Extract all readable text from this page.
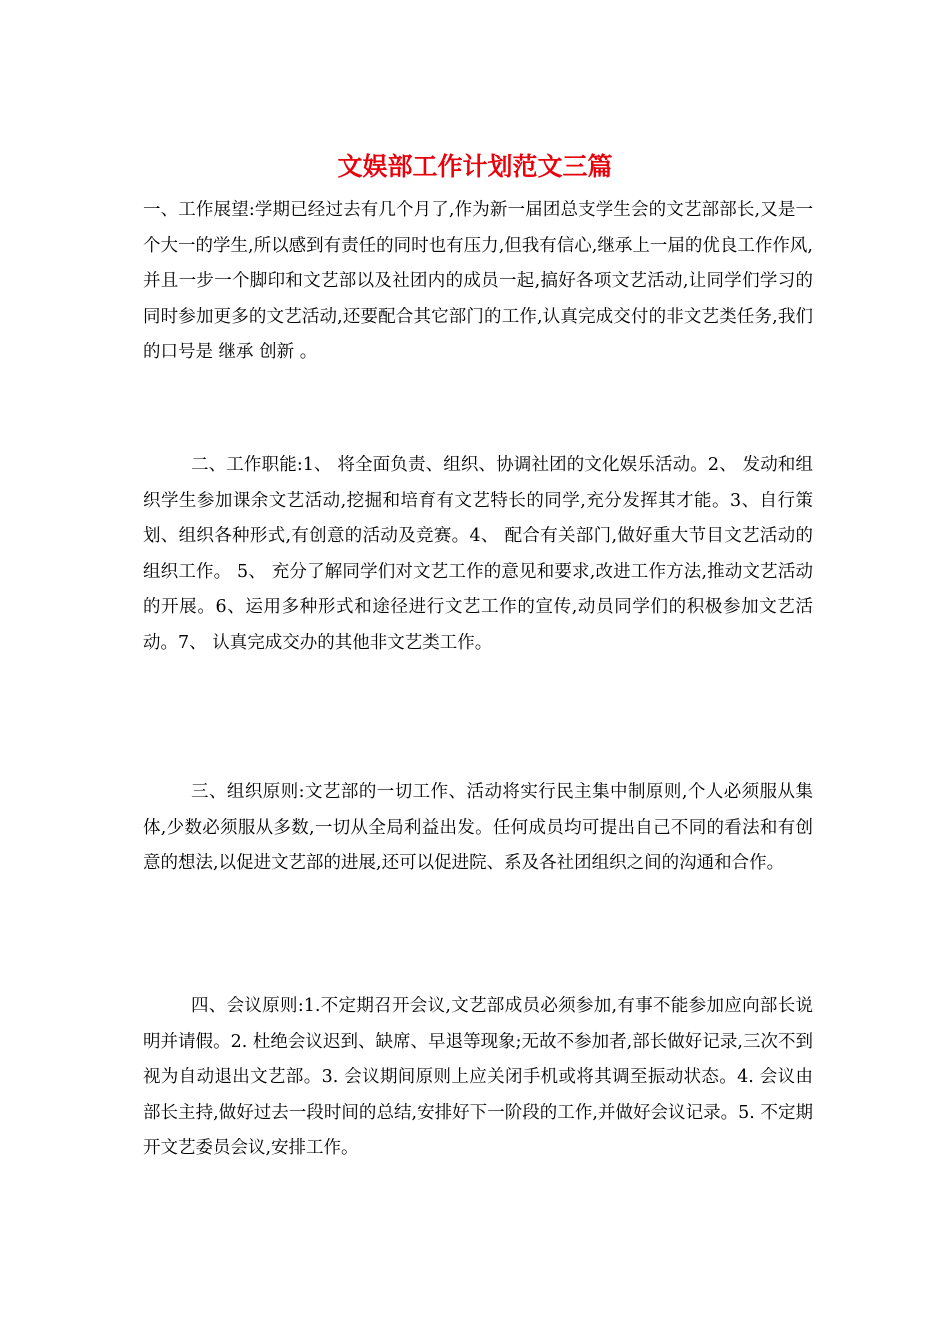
文娱部工作计划范文三篇

一、工作展望:学期已经过去有几个月了,作为新一届团总支学生会的文艺部部长,又是一个大一的学生,所以感到有责任的同时也有压力,但我有信心,继承上一届的优良工作作风,并且一步一个脚印和文艺部以及社团内的成员一起,搞好各项文艺活动,让同学们学习的同时参加更多的文艺活动,还要配合其它部门的工作,认真完成交付的非文艺类任务,我们的口号是 继承 创新 。

二、工作职能:1、 将全面负责、组织、协调社团的文化娱乐活动。2、 发动和组织学生参加课余文艺活动,挖掘和培育有文艺特长的同学,充分发挥其才能。3、自行策划、组织各种形式,有创意的活动及竞赛。4、 配合有关部门,做好重大节目文艺活动的组织工作。 5、 充分了解同学们对文艺工作的意见和要求,改进工作方法,推动文艺活动的开展。6、运用多种形式和途径进行文艺工作的宣传,动员同学们的积极参加文艺活动。7、 认真完成交办的其他非文艺类工作。

三、组织原则:文艺部的一切工作、活动将实行民主集中制原则,个人必须服从集体,少数必须服从多数,一切从全局利益出发。任何成员均可提出自己不同的看法和有创意的想法,以促进文艺部的进展,还可以促进院、系及各社团组织之间的沟通和合作。

四、会议原则:1.不定期召开会议,文艺部成员必须参加,有事不能参加应向部长说明并请假。2. 杜绝会议迟到、缺席、早退等现象;无故不参加者,部长做好记录,三次不到视为自动退出文艺部。3. 会议期间原则上应关闭手机或将其调至振动状态。4. 会议由部长主持,做好过去一段时间的总结,安排好下一阶段的工作,并做好会议记录。5. 不定期开文艺委员会议,安排工作。
